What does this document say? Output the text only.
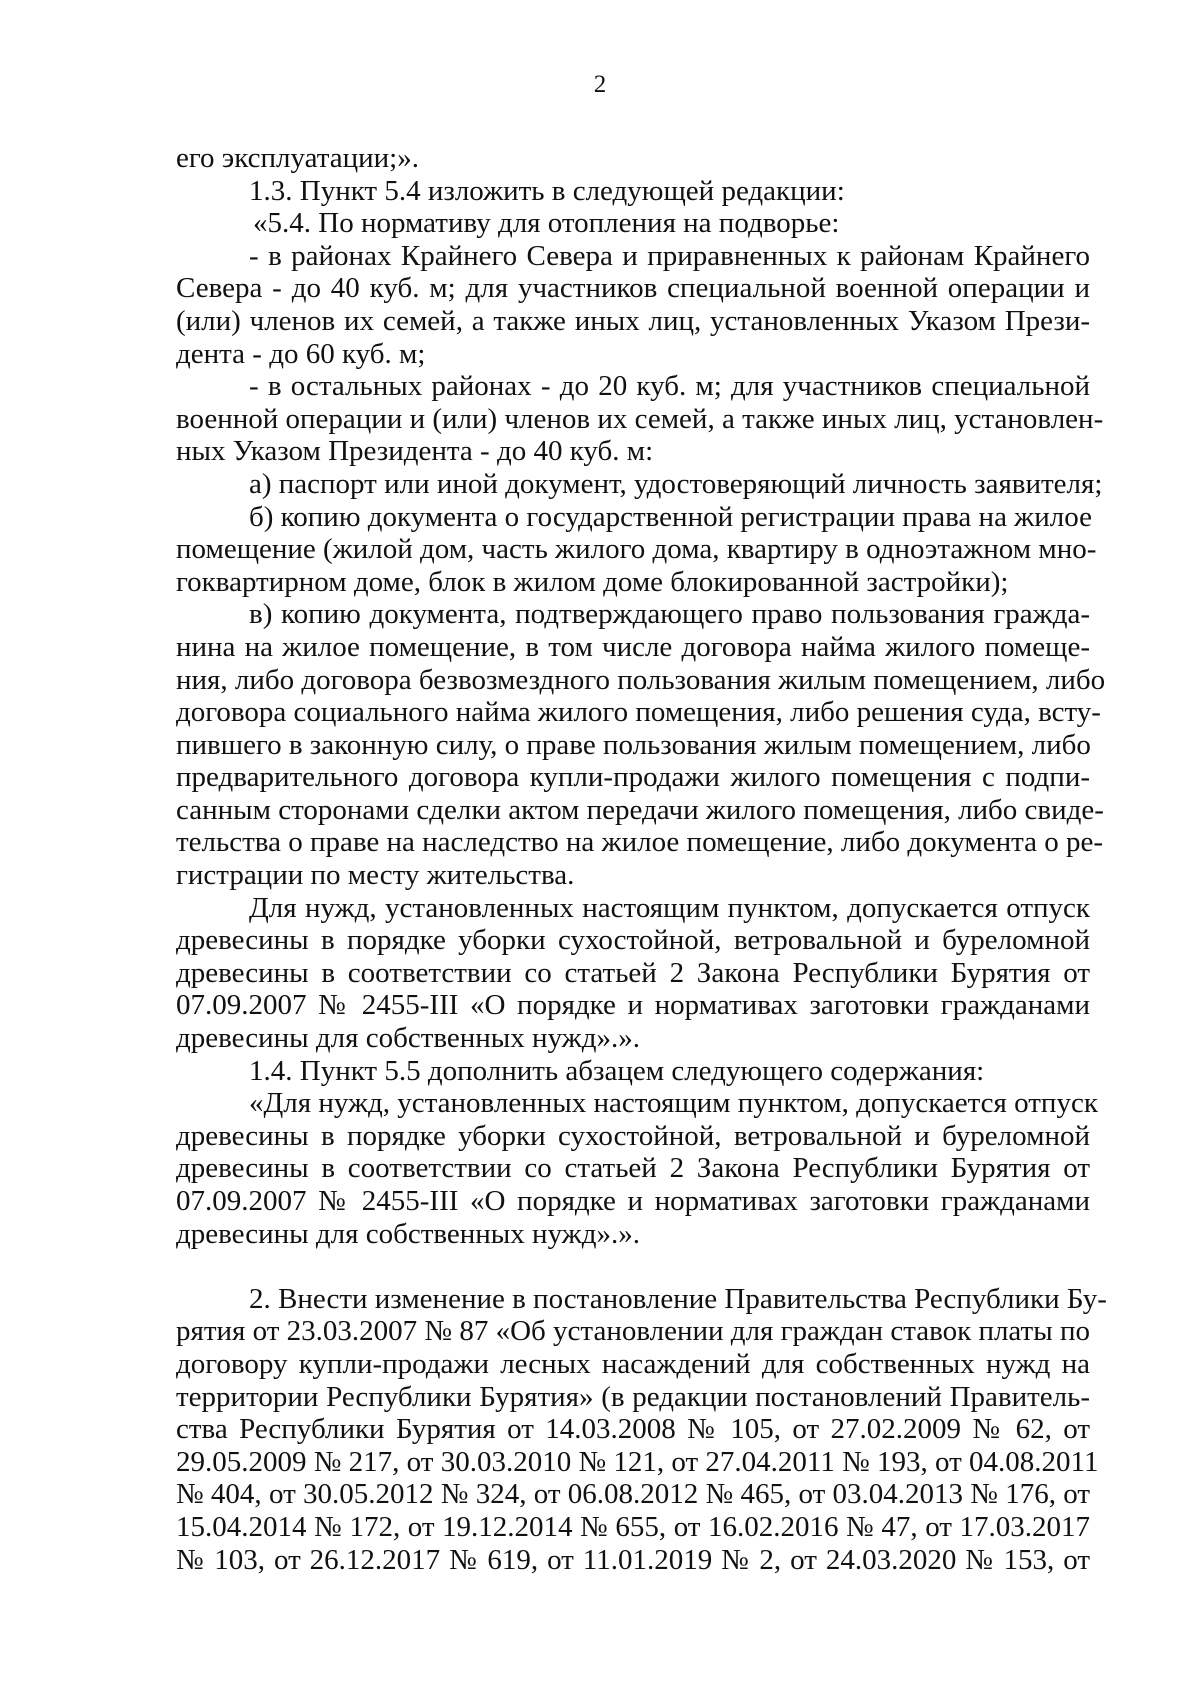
2
его эксплуатации;».
1.3. Пункт 5.4 изложить в следующей редакции:
«5.4. По нормативу для отопления на подворье:
- в районах Крайнего Севера и приравненных к районам Крайнего
Севера - до 40 куб. м; для участников специальной военной операции и
(или) членов их семей, а также иных лиц, установленных Указом Прези-
дента - до 60 куб. м;
- в остальных районах - до 20 куб. м; для участников специальной
военной операции и (или) членов их семей, а также иных лиц, установлен-
ных Указом Президента - до 40 куб. м:
а) паспорт или иной документ, удостоверяющий личность заявителя;
б) копию документа о государственной регистрации права на жилое
помещение (жилой дом, часть жилого дома, квартиру в одноэтажном мно-
гоквартирном доме, блок в жилом доме блокированной застройки);
в) копию документа, подтверждающего право пользования гражда-
нина на жилое помещение, в том числе договора найма жилого помеще-
ния, либо договора безвозмездного пользования жилым помещением, либо
договора социального найма жилого помещения, либо решения суда, всту-
пившего в законную силу, о праве пользования жилым помещением, либо
предварительного договора купли-продажи жилого помещения с подпи-
санным сторонами сделки актом передачи жилого помещения, либо свиде-
тельства о праве на наследство на жилое помещение, либо документа о ре-
гистрации по месту жительства.
Для нужд, установленных настоящим пунктом, допускается отпуск
древесины в порядке уборки сухостойной, ветровальной и буреломной
древесины в соответствии со статьей 2 Закона Республики Бурятия от
07.09.2007 № 2455-III «О порядке и нормативах заготовки гражданами
древесины для собственных нужд».».
1.4. Пункт 5.5 дополнить абзацем следующего содержания:
«Для нужд, установленных настоящим пунктом, допускается отпуск
древесины в порядке уборки сухостойной, ветровальной и буреломной
древесины в соответствии со статьей 2 Закона Республики Бурятия от
07.09.2007 № 2455-III «О порядке и нормативах заготовки гражданами
древесины для собственных нужд».».
2. Внести изменение в постановление Правительства Республики Бу-
рятия от 23.03.2007 № 87 «Об установлении для граждан ставок платы по
договору купли-продажи лесных насаждений для собственных нужд на
территории Республики Бурятия» (в редакции постановлений Правитель-
ства Республики Бурятия от 14.03.2008 № 105, от 27.02.2009 № 62, от
29.05.2009 № 217, от 30.03.2010 № 121, от 27.04.2011 № 193, от 04.08.2011
№ 404, от 30.05.2012 № 324, от 06.08.2012 № 465, от 03.04.2013 № 176, от
15.04.2014 № 172, от 19.12.2014 № 655, от 16.02.2016 № 47, от 17.03.2017
№ 103, от 26.12.2017 № 619, от 11.01.2019 № 2, от 24.03.2020 № 153, от
